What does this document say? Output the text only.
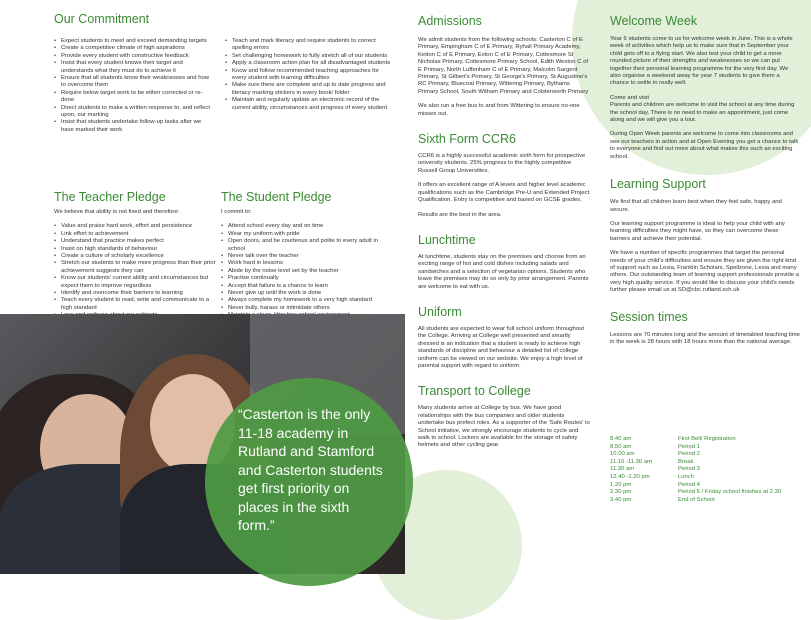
Our Commitment
• Expect students to meet and exceed demanding targets
• Create a competitive climate of high aspirations
• Provide every student with constructive feedback
• Insist that every student knows their target and understands what they must do to achieve it
• Ensure that all students know their weaknesses and how to overcome them
• Require below target work to be either corrected or re-done
• Direct students to make a written response to, and reflect upon, our marking
• Insist that students undertake follow-up tasks after we have marked their work
• Teach and mark literacy and require students to correct spelling errors
• Set challenging homework to fully stretch all of our students
• Apply a classroom action plan for all disadvantaged students
• Know and follow recommended teaching approaches for every student with learning difficulties
• Make sure there are complete and up to date progress and literacy marking stickers in every book/ folder
• Maintain and regularly update an electronic record of the current ability, circumstances and progress of every student
The Teacher Pledge

We believe that ability is not fixed and therefore:

• Value and praise hard work, effort and persistence
• Link effort to achievement
• Understand that practice makes perfect
• Insist on high standards of behaviour
• Create a culture of scholarly excellence
• Stretch our students to make more progress than their prior achievement suggests they can
• Know our students' current ability and circumstances but expect them to improve regardless
• Identify and overcome their barriers to learning
• Teach every student to read, write and communicate to a high standard
•
The Student Pledge

I commit to:

• Attend school every day and on time
• Wear my uniform with pride
• Open doors, and be courteous and polite to every adult in school
• Never talk over the teacher
• Work hard in lessons
• Abide by the noise level set by the teacher
• Practise continually
• Accept that failure is a chance to learn
• Never give up until the work is done
• Always complete my homework to a very high standard
• Never bully, harass or intimidate others
•
“Casterton is the only 11-18 academy in Rutland and Stamford and Casterton students get first priority on places in the sixth form.”
Admissions

We admit students from the following schools: Casterton C of E Primary, Empingham C of E Primary, Ryhall Primary Academy, Ketton C of E Primary, Exton C of E Primary, Cottesmore St Nicholas Primary, Cottesmore Primary School, Edith Weston C of E Primary, North Luffenham C of E Primary, Malcolm Sargent Primary, St Gilbert's Primary, St George's Primary, St Augustine's RC Primary, Bluecoat Primary, Wittering Primary, Bythams Primary School, South Witham Primary and Colsterworth Primary

We also run a free bus to and from Wittering to ensure no-one misses out.

Sixth Form CCR6

CCR6 is a highly successful academic sixth form for prospective university students. 25% progress to the highly competitive Russell Group Universities.

It offers an excellent range of A levels and higher level academic qualifications such as the Cambridge Pre-U and Extended Project Qualification. Entry is competitive and based on GCSE grades.

Results are the best in the area.

Lunchtime

At lunchtime, students stay on the premises and choose from an exciting range of hot and cold dishes including salads and sandwiches and a selection of vegetarian options. Students who leave the premises may do so only by prior arrangement. Parents are welcome to eat with us.

Uniform

All students are expected to wear full school uniform throughout the College. Arriving at College well presented and smartly dressed is an indication that a student is ready to achieve high standards of discipline and behaviour a detailed list of college uniform can be viewed on our website. We enjoy a high level of parental support with regard to uniform.

Transport to College

Many students arrive at College by bus. We have good relationships with the bus companies and older students undertake bus prefect roles. As a supporter of the 'Safe Routes' to School initiative, we strongly encourage students to cycle and walk to school. Lockers are available for the storage of safety helmets and other cycling gear.

Welcome Week

Year 6 students come to us for welcome week in June. This is a whole week of activities which help us to make sure that in September your child gets off to a flying start. We also test your child to get a more rounded picture of their strengths and weaknesses so we can put together their personal learning programme for the very first day. We also organise a weekend away for year 7 students to give them a chance to settle in really well.

Come and visit

Parents and children are welcome to visit the school at any time during the school day. There is no need to make an appointment, just come along and we will give you a tour.

During Open Week parents are welcome to come into classrooms and see our teachers in action and at Open Evening you get a chance to talk to everyone and find out more about what makes this such an exciting school.

Learning Support

We find that all children learn best when they feel safe, happy and secure.

Our learning support programme is ideal to help your child with any learning difficulties they might have, so they can overcome these barriers and achieve their potential.

We have a number of specific programmes that target the personal needs of your child's difficulties and ensure they are given the right kind of support such as Lexia, Franklin Scholars, Spellzone, Lexia and many others. Our outstanding team of learning support professionals provide a very high quality service. If you would like to discuss your child's needs further please email us at SD@cbc.rutland.sch.uk

Session times

Lessons are 70 minutes long and the amount of timetabled teaching time in the week is 28 hours with 18 hours more than the national average.

8.40 am	First Bell/ Registration
8.50 am	Period 1
10.00 am	Period 2
11.10 -11.30 am	Break
11.30 am	Period 3
12.40 -1.20 pm	Lunch
1.20 pm	Period 4
2.30 pm	Period 5 / Friday school finishes at 2.30
3.40 pm	End of School
